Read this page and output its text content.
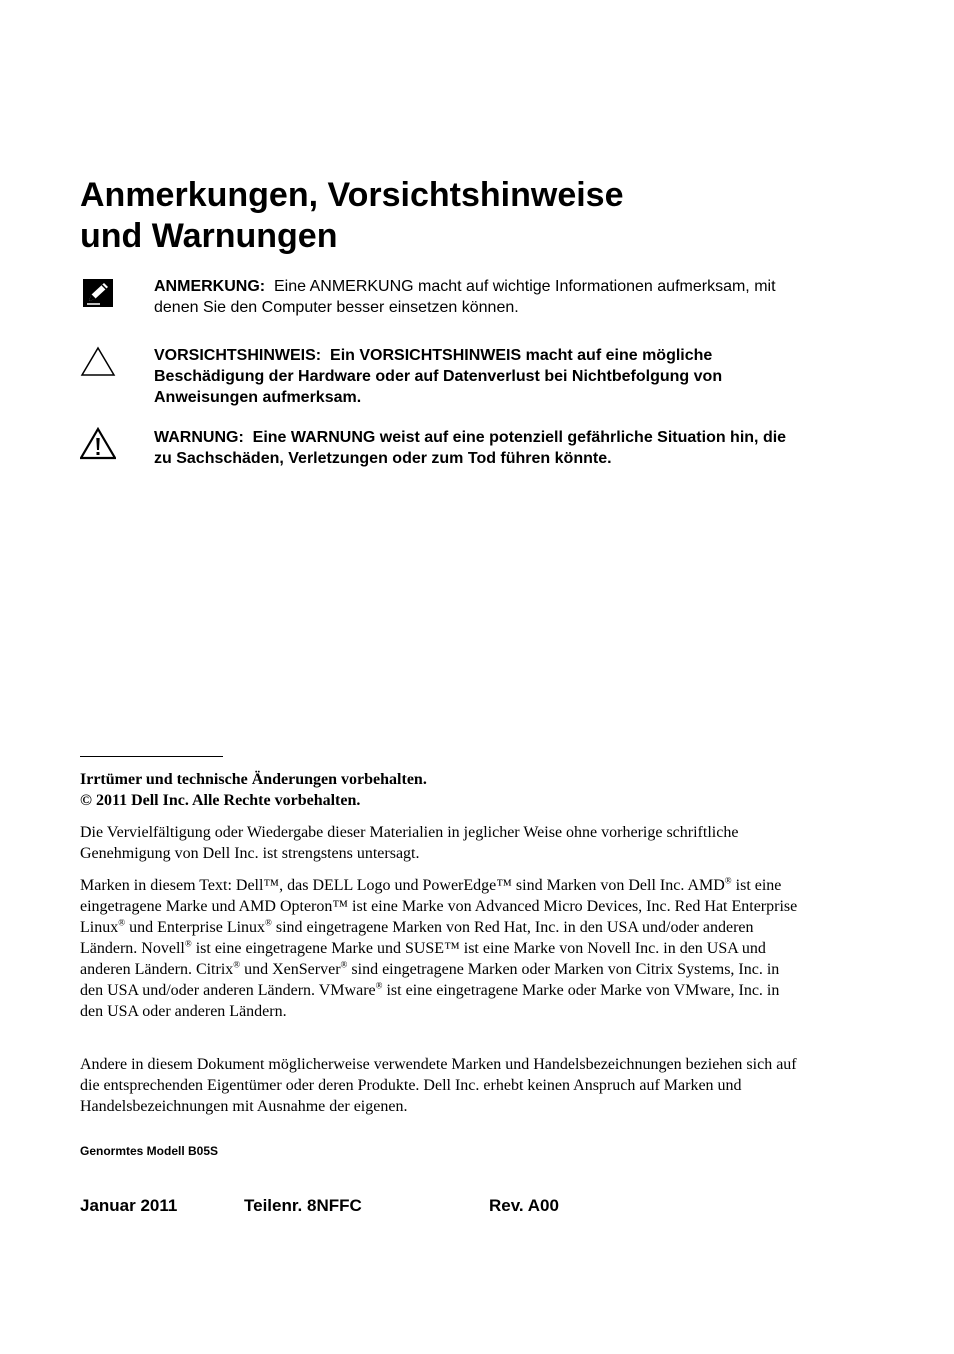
Anmerkungen, Vorsichtshinweise
und Warnungen
ANMERKUNG: Eine ANMERKUNG macht auf wichtige Informationen aufmerksam, mit denen Sie den Computer besser einsetzen können.
VORSICHTSHINWEIS: Ein VORSICHTSHINWEIS macht auf eine mögliche Beschädigung der Hardware oder auf Datenverlust bei Nichtbefolgung von Anweisungen aufmerksam.
WARNUNG: Eine WARNUNG weist auf eine potenziell gefährliche Situation hin, die zu Sachschäden, Verletzungen oder zum Tod führen könnte.

Irrtümer und technische Änderungen vorbehalten.

© 2011 Dell Inc. Alle Rechte vorbehalten.

Die Vervielfältigung oder Wiedergabe dieser Materialien in jeglicher Weise ohne vorherige schriftliche Genehmigung von Dell Inc. ist strengstens untersagt.

Marken in diesem Text: Dell™, das DELL Logo und PowerEdge™ sind Marken von Dell Inc. AMD® ist eine eingetragene Marke und AMD Opteron™ ist eine Marke von Advanced Micro Devices, Inc. Red Hat Enterprise Linux® und Enterprise Linux® sind eingetragene Marken von Red Hat, Inc. in den USA und/oder anderen Ländern. Novell® ist eine eingetragene Marke und SUSE™ ist eine Marke von Novell Inc. in den USA und anderen Ländern. Citrix® und XenServer® sind eingetragene Marken oder Marken von Citrix Systems, Inc. in den USA und/oder anderen Ländern. VMware® ist eine eingetragene Marke oder Marke von VMware, Inc. in den USA oder anderen Ländern.

Andere in diesem Dokument möglicherweise verwendete Marken und Handelsbezeichnungen beziehen sich auf die entsprechenden Eigentümer oder deren Produkte. Dell Inc. erhebt keinen Anspruch auf Marken und Handelsbezeichnungen mit Ausnahme der eigenen.

Genormtes Modell B05S
Januar 2011	Teilenr. 8NFFC	Rev. A00
